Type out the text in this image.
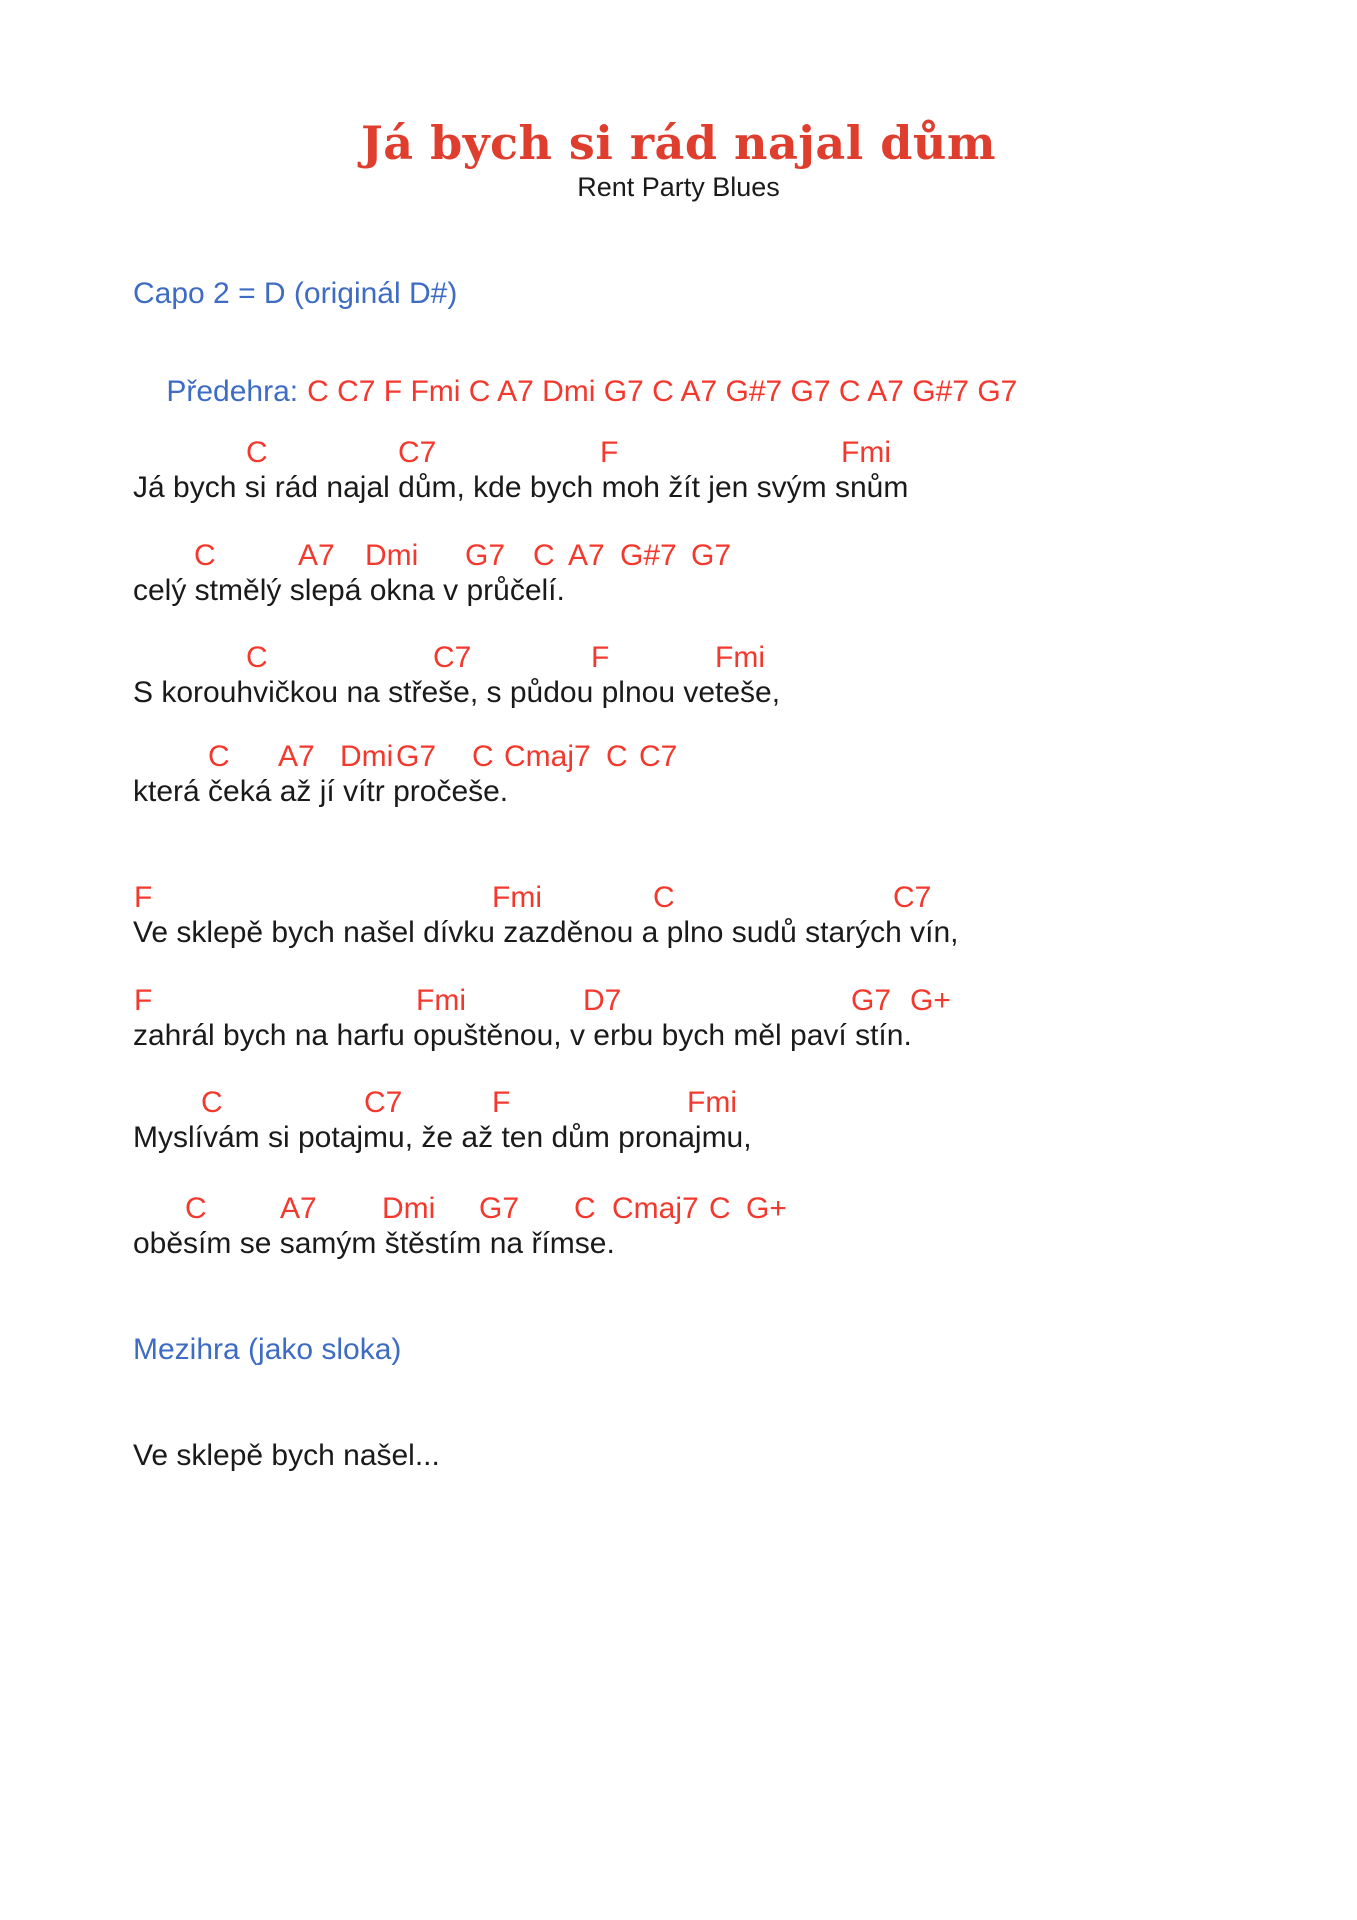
Já bych si rád najal dům
Rent Party Blues
Capo 2 = D (originál D#)

Předehra: C C7 F Fmi C A7 Dmi G7 C A7 G#7 G7 C A7 G#7 G7

C	C7	F	Fmi
Já bych si rád najal dům, kde bych moh žít jen svým snům
C	A7 Dmi G7 C A7 G#7 G7
celý stmělý slepá okna v průčelí.
C	C7	F	Fmi
S korouhvičkou na střeše, s půdou plnou veteše,
C A7 Dmi G7 C Cmaj7 C C7
která čeká až jí vítr pročeše.
F	Fmi	C	C7
Ve sklepě bych našel dívku zazděnou a plno sudů starých vín,
F	Fmi	D7	G7 G+
zahrál bych na harfu opuštěnou, v erbu bych měl paví stín.
C	C7	F	Fmi
Myslívám si potajmu, že až ten dům pronajmu,
C A7 Dmi G7 C Cmaj7 C G+
oběsím se samým štěstím na římse.
Mezihra (jako sloka)
Ve sklepě bych našel...
